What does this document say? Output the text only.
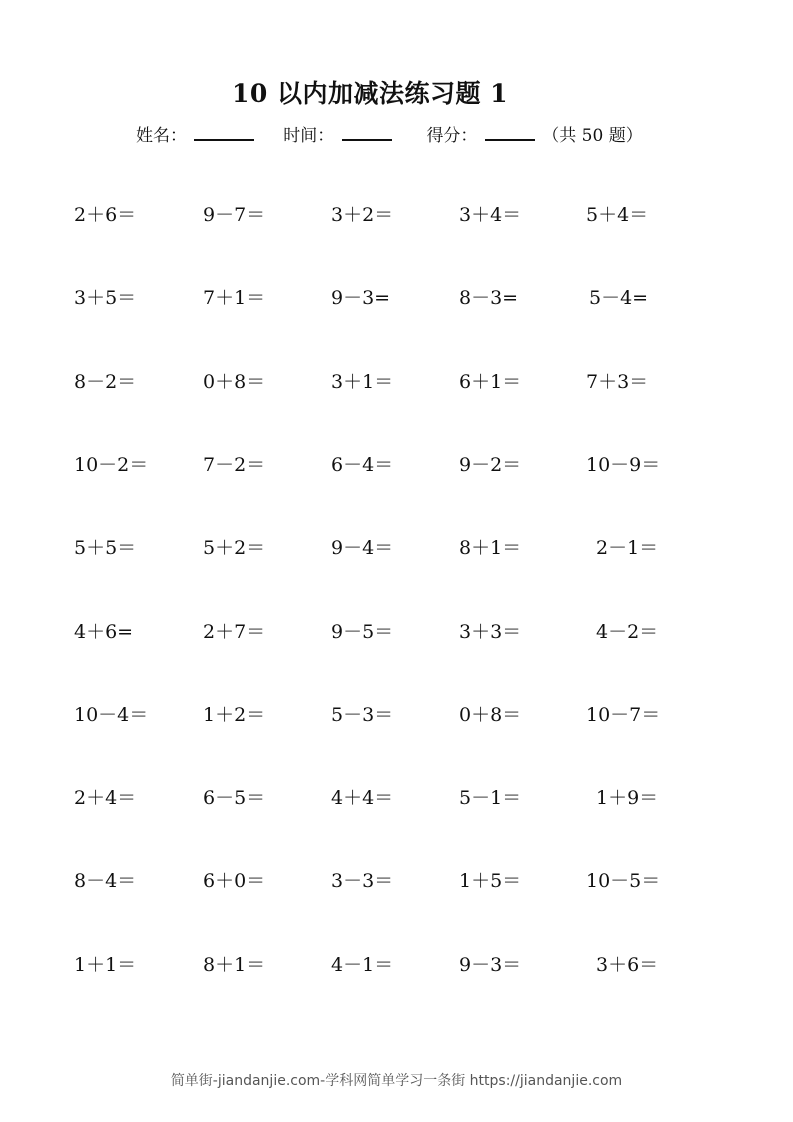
10 以内加减法练习题 1
姓名：	时间：	得分：	（共 50 题）
2＋6＝	9－7＝	3＋2＝	3＋4＝	5＋4＝
3＋5＝	7＋1＝	9－3=	8－3=	5－4=
8－2＝	0＋8＝	3＋1＝	6＋1＝	7＋3＝
10－2＝	7－2＝	6－4＝	9－2＝	10－9＝
5＋5＝	5＋2＝	9－4＝	8＋1＝	2－1＝
4＋6=	2＋7＝	9－5＝	3＋3＝	4－2＝
10－4＝	1＋2＝	5－3＝	0＋8＝	10－7＝
2＋4＝	6－5＝	4＋4＝	5－1＝	1＋9＝
8－4＝	6＋0＝	3－3＝	1＋5＝	10－5＝
1＋1＝	8＋1＝	4－1＝	9－3＝	3＋6＝
简单街-jiandanjie.com-学科网简单学习一条街 https://jiandanjie.com
